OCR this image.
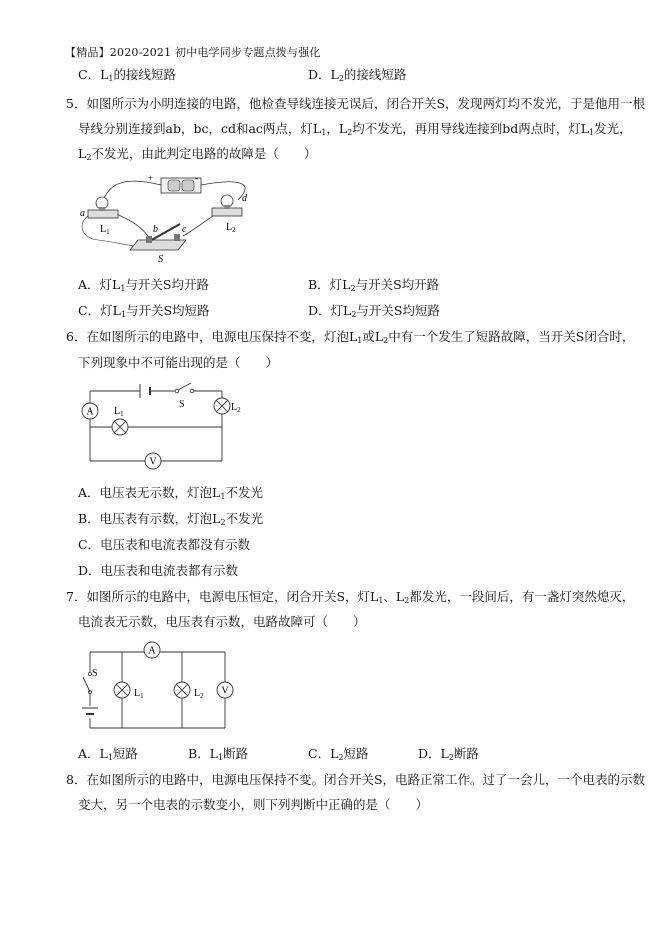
【精品】2020-2021 初中电学同步专题点拨与强化
C．$L_1$的接线短路	D．$L_2$的接线短路
5．如图所示为小明连接的电路，他检查导线连接无误后，闭合开关S，发现两灯均不发光，于是他用一根
导线分别连接到ab，bc，cd和ac两点，灯$L_1$，$L_2$均不发光，再用导线连接到bd两点时，灯$L_1$发光，
$L_2$不发光，由此判定电路的故障是（　　）
+	-
a
b c
d
$L_1$	$L_2$
S
A．灯$L_1$与开关S均开路	B．灯$L_2$与开关S均开路
C．灯$L_1$与开关S均短路	D．灯$L_2$与开关S均短路
6．在如图所示的电路中，电源电压保持不变，灯泡$L_1$或$L_2$中有一个发生了短路故障，当开关S闭合时，
下列现象中不可能出现的是（　　）
A
V
$L_1$
$L_2$
S
A．电压表无示数，灯泡$L_1$不发光
B．电压表有示数，灯泡$L_2$不发光
C．电压表和电流表都没有示数
D．电压表和电流表都有示数
7．如图所示的电路中，电源电压恒定，闭合开关S，灯$L_1$、$L_2$都发光，一段间后，有一盏灯突然熄灭，
电流表无示数，电压表有示数，电路故障可（　　）
A
V
S
$L_1$	$L_2$
A．$L_1$短路	B．$L_1$断路	C．$L_2$短路	D．$L_2$断路
8．在如图所示的电路中，电源电压保持不变。闭合开关S，电路正常工作。过了一会儿，一个电表的示数
变大，另一个电表的示数变小，则下列判断中正确的是（　　）
